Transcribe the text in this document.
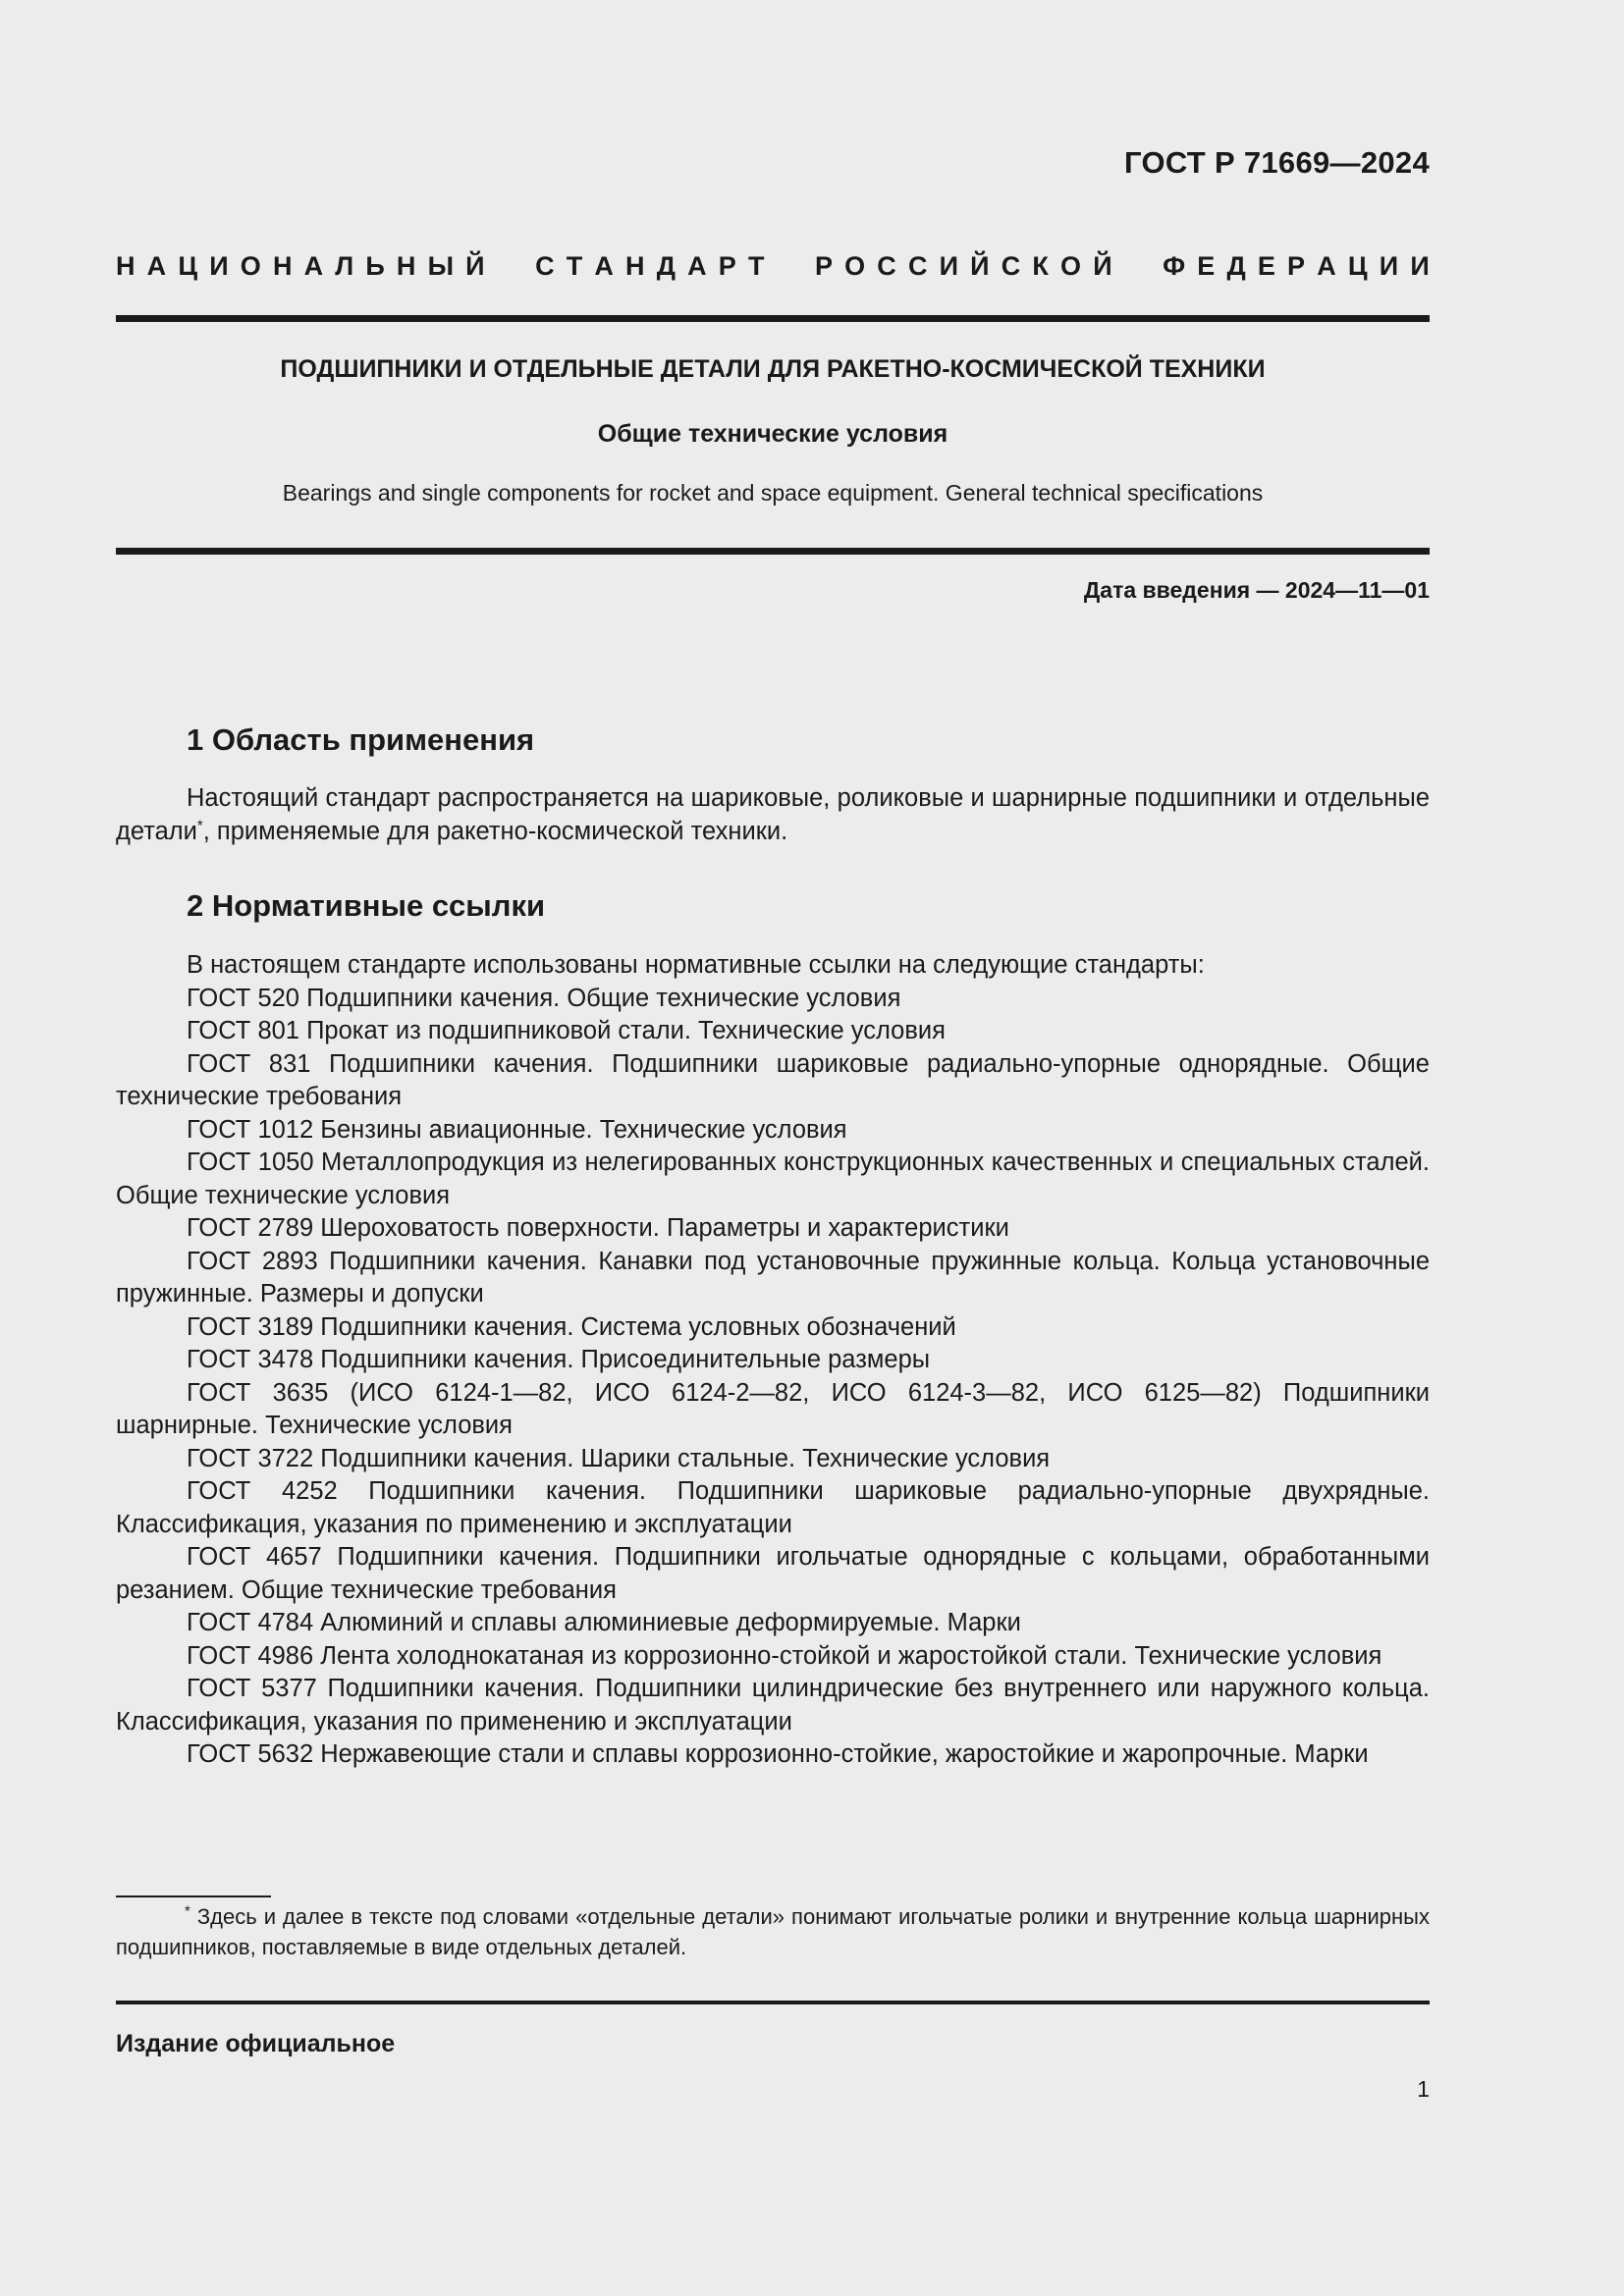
ГОСТ Р 71669—2024
Н А Ц И О Н А Л Ь Н Ы Й

С Т А Н Д А Р Т

Р О С С И Й С К О Й

Ф Е Д Е Р А Ц И И
ПОДШИПНИКИ И ОТДЕЛЬНЫЕ ДЕТАЛИ ДЛЯ РАКЕТНО-КОСМИЧЕСКОЙ ТЕХНИКИ
Общие технические условия
Bearings and single components for rocket and space equipment. General technical specifications
Дата введения — 2024—11—01
1 Область применения

Настоящий стандарт распространяется на шариковые, роликовые и шарнирные подшипники и отдельные детали*, применяемые для ракетно-космической техники.

2 Нормативные ссылки

В настоящем стандарте использованы нормативные ссылки на следующие стандарты:

ГОСТ 520 Подшипники качения. Общие технические условия

ГОСТ 801 Прокат из подшипниковой стали. Технические условия

ГОСТ 831 Подшипники качения. Подшипники шариковые радиально-упорные однорядные. Общие технические требования

ГОСТ 1012 Бензины авиационные. Технические условия

ГОСТ 1050 Металлопродукция из нелегированных конструкционных качественных и специальных сталей. Общие технические условия

ГОСТ 2789 Шероховатость поверхности. Параметры и характеристики

ГОСТ 2893 Подшипники качения. Канавки под установочные пружинные кольца. Кольца установочные пружинные. Размеры и допуски

ГОСТ 3189 Подшипники качения. Система условных обозначений

ГОСТ 3478 Подшипники качения. Присоединительные размеры

ГОСТ 3635 (ИСО 6124-1—82, ИСО 6124-2—82, ИСО 6124-3—82, ИСО 6125—82) Подшипники шарнирные. Технические условия

ГОСТ 3722 Подшипники качения. Шарики стальные. Технические условия

ГОСТ 4252 Подшипники качения. Подшипники шариковые радиально-упорные двухрядные. Классификация, указания по применению и эксплуатации

ГОСТ 4657 Подшипники качения. Подшипники игольчатые однорядные с кольцами, обработанными резанием. Общие технические требования

ГОСТ 4784 Алюминий и сплавы алюминиевые деформируемые. Марки

ГОСТ 4986 Лента холоднокатаная из коррозионно-стойкой и жаростойкой стали. Технические условия

ГОСТ 5377 Подшипники качения. Подшипники цилиндрические без внутреннего или наружного кольца. Классификация, указания по применению и эксплуатации

ГОСТ 5632 Нержавеющие стали и сплавы коррозионно-стойкие, жаростойкие и жаропрочные. Марки

* Здесь и далее в тексте под словами «отдельные детали» понимают игольчатые ролики и внутренние кольца шарнирных подшипников, поставляемые в виде отдельных деталей.
Издание официальное
1
